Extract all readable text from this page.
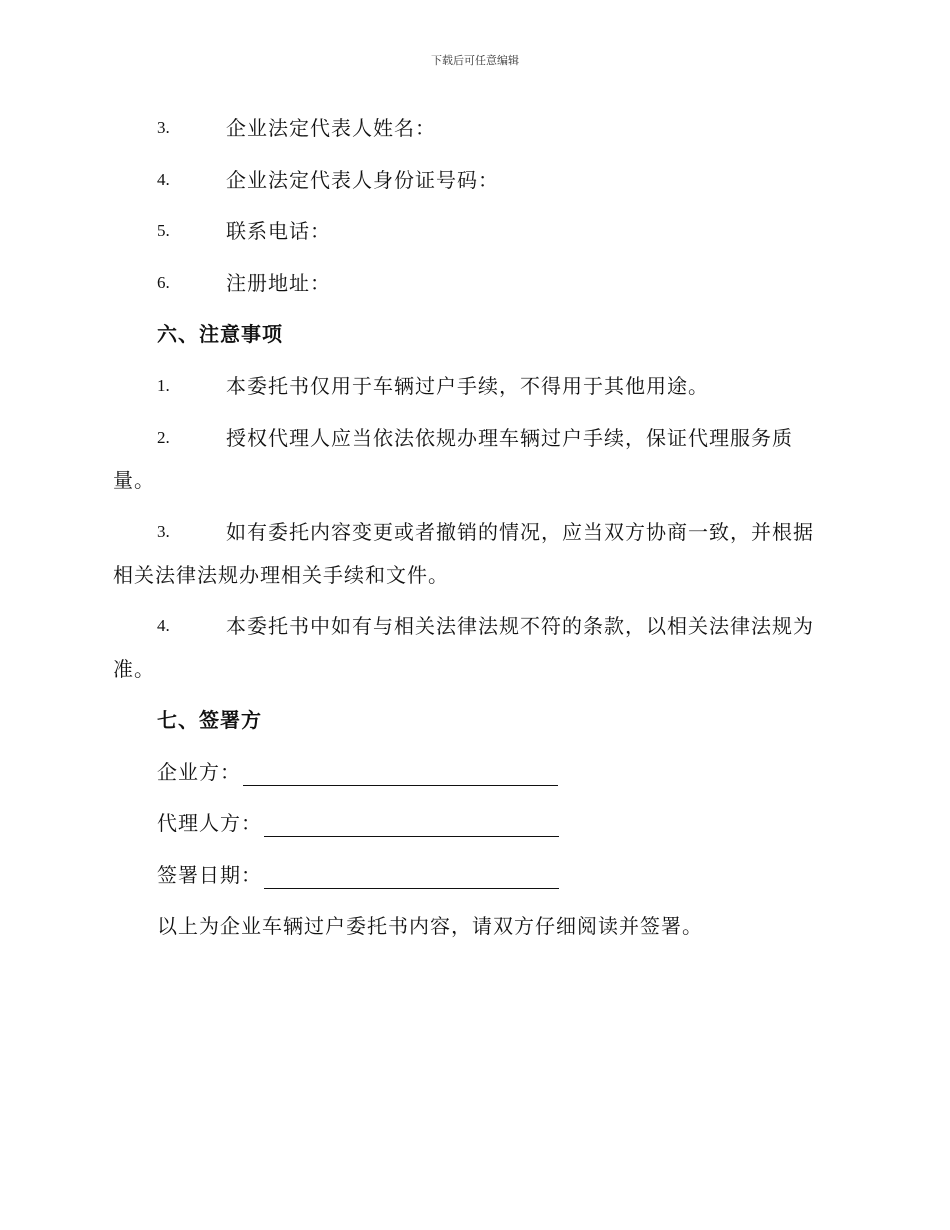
下载后可任意编辑
3.	企业法定代表人姓名：
4.	企业法定代表人身份证号码：
5.	联系电话：
6.	注册地址：
六、注意事项
1.	本委托书仅用于车辆过户手续，不得用于其他用途。
2.	授权代理人应当依法依规办理车辆过户手续，保证代理服务质
量。
3.	如有委托内容变更或者撤销的情况，应当双方协商一致，并根据
相关法律法规办理相关手续和文件。
4.	本委托书中如有与相关法律法规不符的条款，以相关法律法规为
准。
七、签署方
企业方：
代理人方：
签署日期：
以上为企业车辆过户委托书内容，请双方仔细阅读并签署。
